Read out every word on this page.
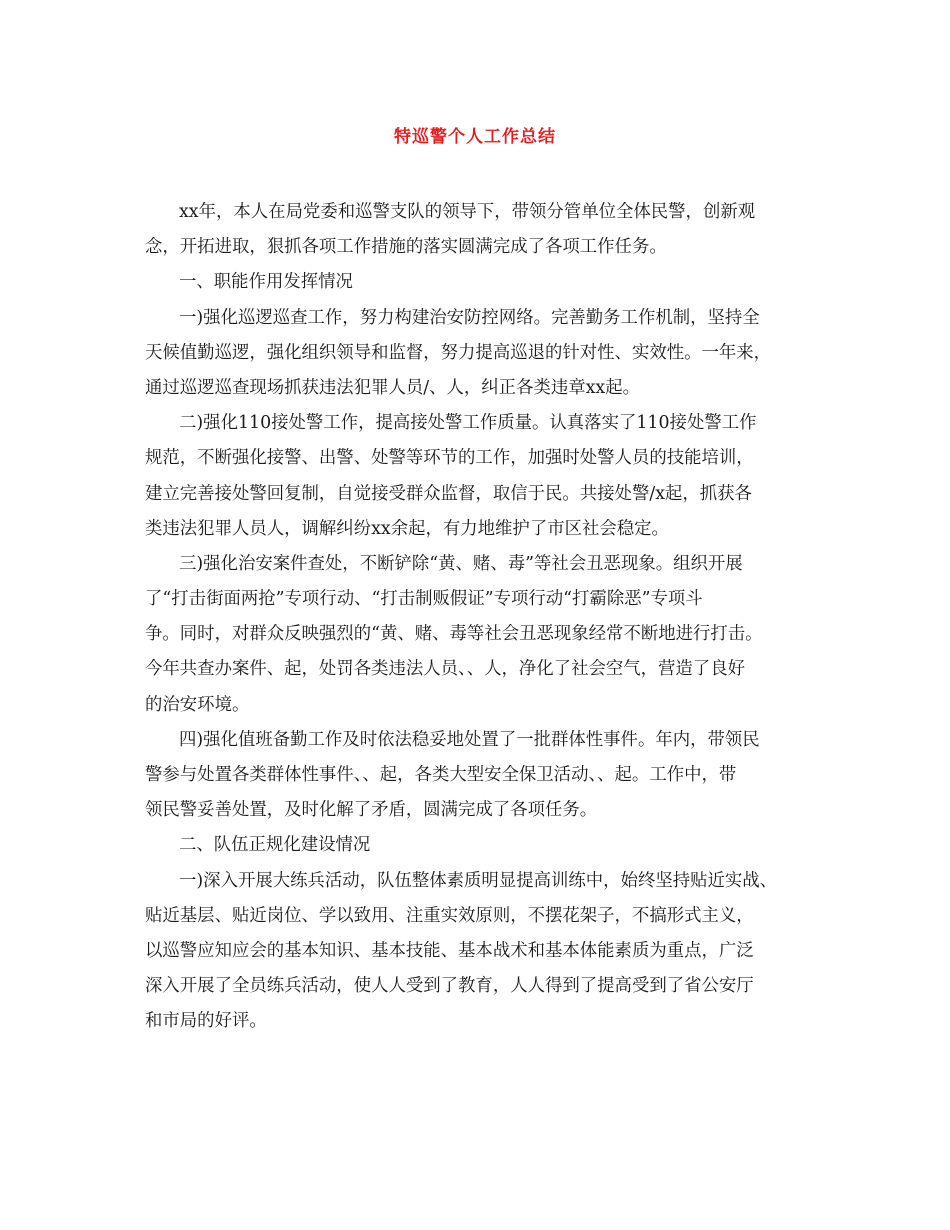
特巡警个人工作总结
xx年，本人在局党委和巡警支队的领导下，带领分管单位全体民警，创新观
念，开拓进取，狠抓各项工作措施的落实圆满完成了各项工作任务。
一、职能作用发挥情况
一)强化巡逻巡查工作，努力构建治安防控网络。完善勤务工作机制，坚持全
天候值勤巡逻，强化组织领导和监督，努力提高巡退的针对性、实效性。一年来，
通过巡逻巡查现场抓获违法犯罪人员/、人，纠正各类违章xx起。
二)强化110接处警工作，提高接处警工作质量。认真落实了110接处警工作
规范，不断强化接警、出警、处警等环节的工作，加强时处警人员的技能培训，
建立完善接处警回复制，自觉接受群众监督，取信于民。共接处警/x起，抓获各
类违法犯罪人员人，调解纠纷xx余起，有力地维护了市区社会稳定。
三)强化治安案件查处，不断铲除“黄、赌、毒”等社会丑恶现象。组织开展
了“打击街面两抢”专项行动、“打击制贩假证”专项行动“打霸除恶”专项斗
争。同时，对群众反映强烈的“黄、赌、毒等社会丑恶现象经常不断地进行打击。
今年共查办案件、起，处罚各类违法人员、、人，净化了社会空气，营造了良好
的治安环境。
四)强化值班备勤工作及时依法稳妥地处置了一批群体性事件。年内，带领民
警参与处置各类群体性事件、、起，各类大型安全保卫活动、、起。工作中，带
领民警妥善处置，及时化解了矛盾，圆满完成了各项任务。
二、队伍正规化建设情况
一)深入开展大练兵活动，队伍整体素质明显提高训练中，始终坚持贴近实战、
贴近基层、贴近岗位、学以致用、注重实效原则，不摆花架子，不搞形式主义，
以巡警应知应会的基本知识、基本技能、基本战术和基本体能素质为重点，广泛
深入开展了全员练兵活动，使人人受到了教育，人人得到了提高受到了省公安厅
和市局的好评。
